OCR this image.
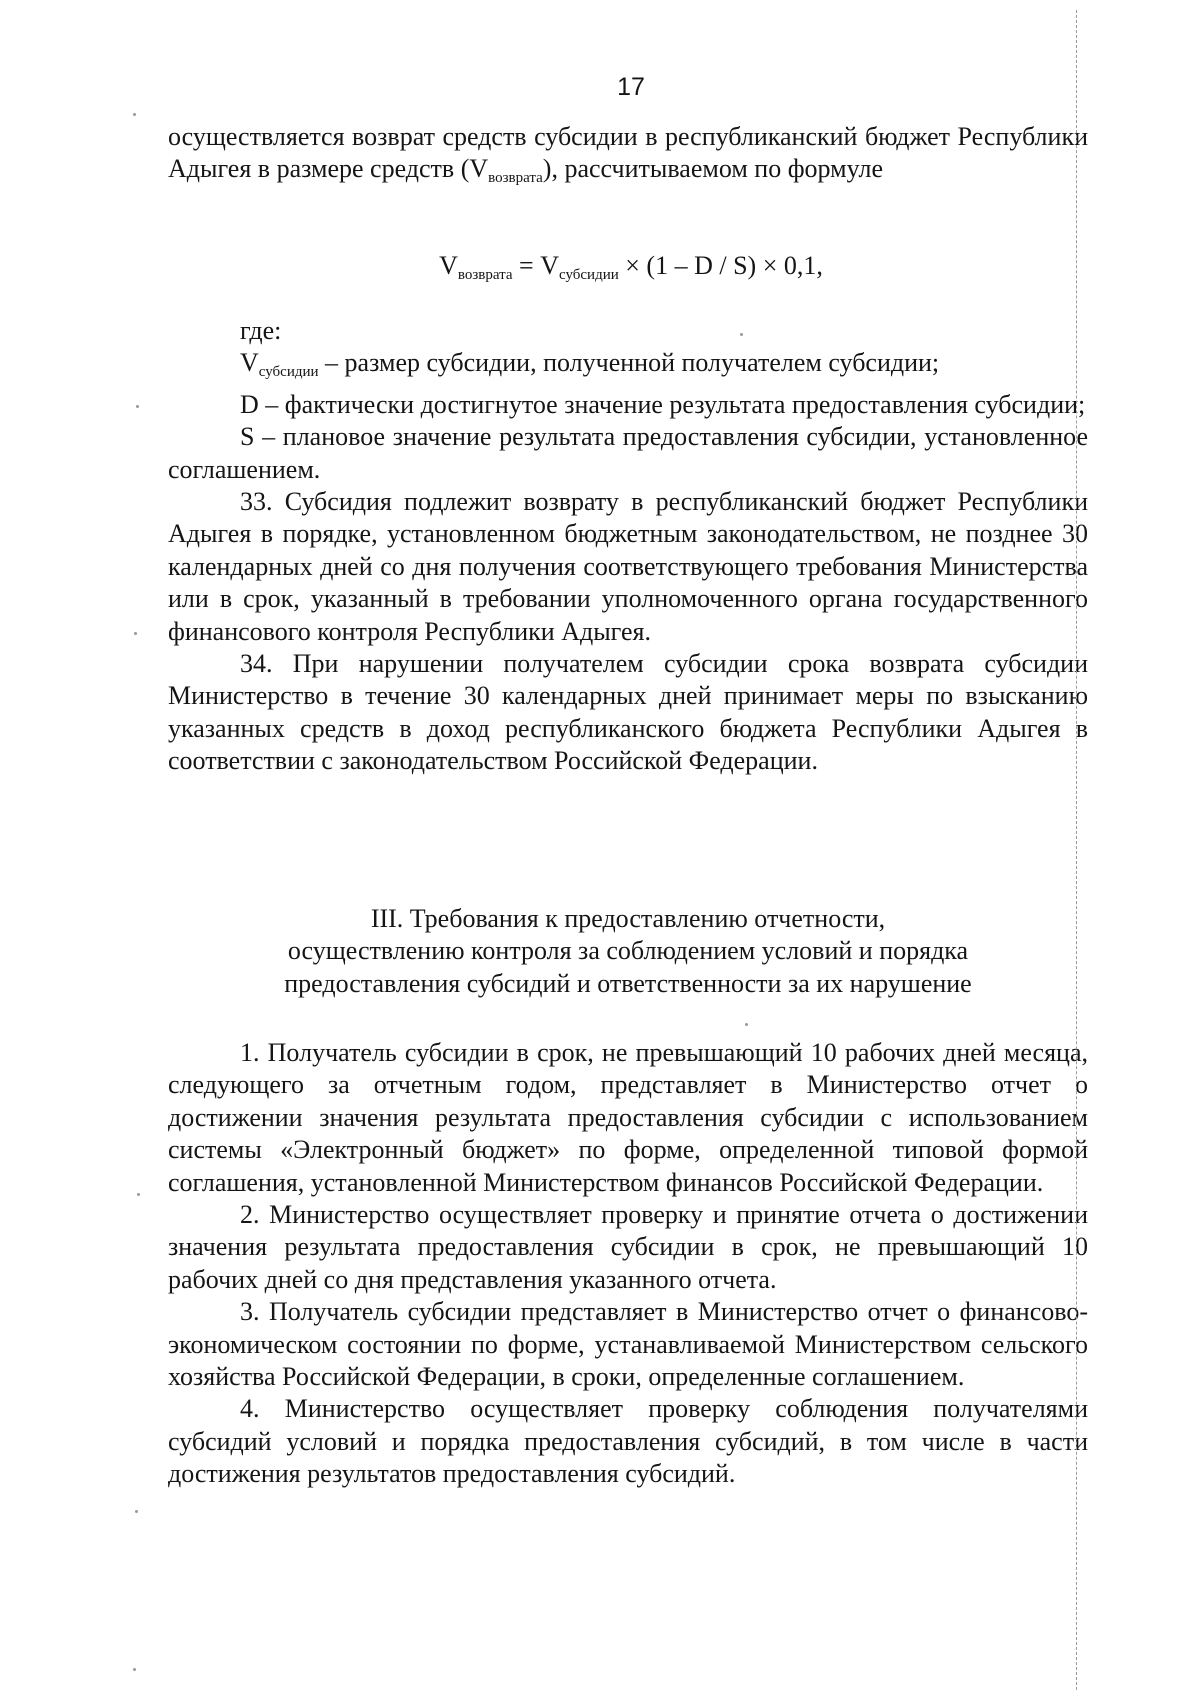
17

осуществляется возврат средств субсидии в республиканский бюджет Республики Адыгея в размере средств $(V_{возврата})$, рассчитываемом по формуле

$V_{возврата} = V_{субсидии} \times (1 - D / S) \times 0,1$,

где:

$V_{субсидии}$ – размер субсидии, полученной получателем субсидии;

D – фактически достигнутое значение результата предоставления субсидии;

S – плановое значение результата предоставления субсидии, установленное соглашением.

33. Субсидия подлежит возврату в республиканский бюджет Республики Адыгея в порядке, установленном бюджетным законодательством, не позднее 30 календарных дней со дня получения соответствующего требования Министерства или в срок, указанный в требовании уполномоченного органа государственного финансового контроля Республики Адыгея.

34. При нарушении получателем субсидии срока возврата субсидии Министерство в течение 30 календарных дней принимает меры по взысканию указанных средств в доход республиканского бюджета Республики Адыгея в соответствии с законодательством Российской Федерации.

III. Требования к предоставлению отчетности,
осуществлению контроля за соблюдением условий и порядка
предоставления субсидий и ответственности за их нарушение

1. Получатель субсидии в срок, не превышающий 10 рабочих дней месяца, следующего за отчетным годом, представляет в Министерство отчет о достижении значения результата предоставления субсидии с использованием системы «Электронный бюджет» по форме, определенной типовой формой соглашения, установленной Министерством финансов Российской Федерации.

2. Министерство осуществляет проверку и принятие отчета о достижении значения результата предоставления субсидии в срок, не превышающий 10 рабочих дней со дня представления указанного отчета.

3. Получатель субсидии представляет в Министерство отчет о финансово-экономическом состоянии по форме, устанавливаемой Министерством сельского хозяйства Российской Федерации, в сроки, определенные соглашением.

4. Министерство осуществляет проверку соблюдения получателями субсидий условий и порядка предоставления субсидий, в том числе в части достижения результатов предоставления субсидий.
